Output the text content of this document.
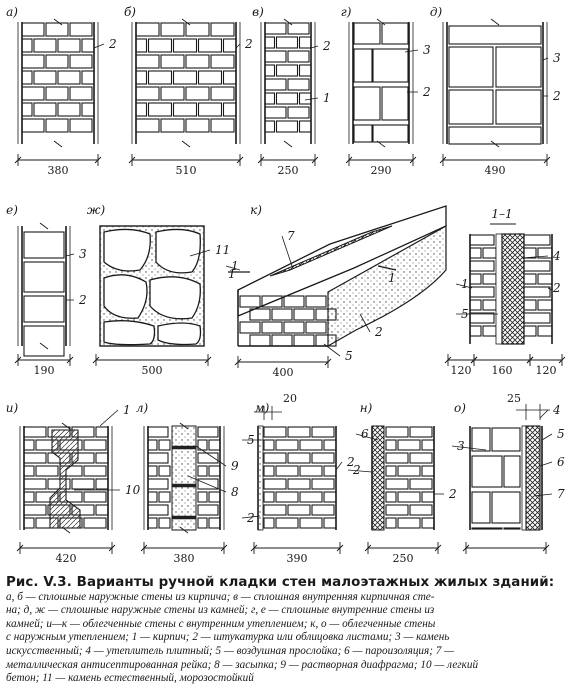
а)
2
380
б)
2
510
в)
2
1
250
г)
3
2
290
д)
3
2
490
е)
3
2
190
ж)
11
500
к)
1	1
7
1
5
2
400
1–1
4
2
1
5
120 160 120
и)	1
10
420
л)
9
8
380
м)
20
5
2
2
390
н)
6
2
2
250
о)
25
4
3
5
6
7

Рис. V.3. Варианты ручной кладки стен малоэтажных жилых зданий:

а, б — сплошные наружные стены из кирпича; в — сплошная внутренняя кирпичная сте-

на; д, ж — сплошные наружные стены из камней; г, е — сплошные внутренние стены из

камней; и—к — облегченные стены с внутренним утеплением; к, о — облегченные стены

с наружным утеплением; 1 — кирпич; 2 — штукатурка или облицовка листами; 3 — камень

искусственный; 4 — утеплитель плитный; 5 — воздушная прослойка; 6 — пароизоляция; 7 —

металлическая антисептированная рейка; 8 — засыпка; 9 — растворная диафрагма; 10 — легкий

бетон; 11 — камень естественный, морозостойкий
